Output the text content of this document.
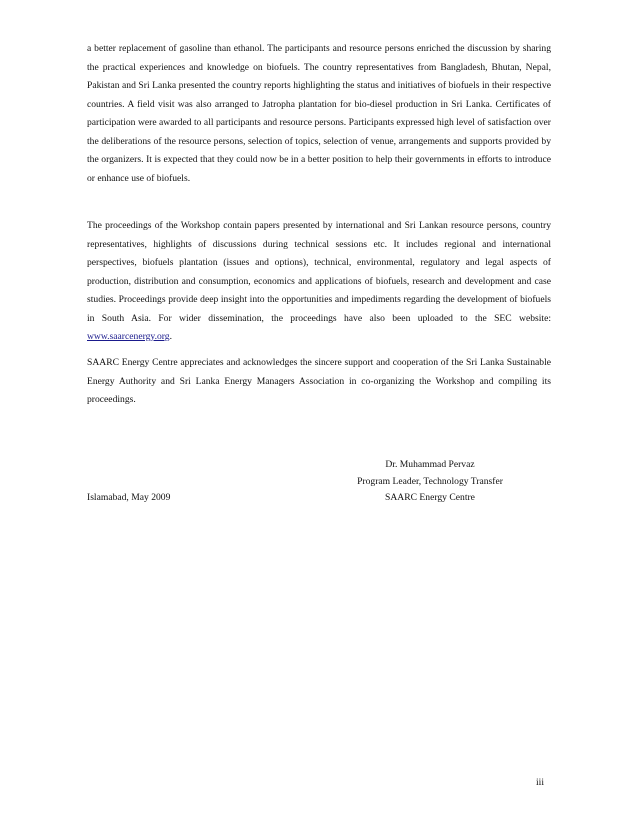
a better replacement of gasoline than ethanol. The participants and resource persons enriched the discussion by sharing the practical experiences and knowledge on biofuels. The country representatives from Bangladesh, Bhutan, Nepal, Pakistan and Sri Lanka presented the country reports highlighting the status and initiatives of biofuels in their respective countries. A field visit was also arranged to Jatropha plantation for bio-diesel production in Sri Lanka. Certificates of participation were awarded to all participants and resource persons. Participants expressed high level of satisfaction over the deliberations of the resource persons, selection of topics, selection of venue, arrangements and supports provided by the organizers. It is expected that they could now be in a better position to help their governments in efforts to introduce or enhance use of biofuels.

The proceedings of the Workshop contain papers presented by international and Sri Lankan resource persons, country representatives, highlights of discussions during technical sessions etc. It includes regional and international perspectives, biofuels plantation (issues and options), technical, environmental, regulatory and legal aspects of production, distribution and consumption, economics and applications of biofuels, research and development and case studies. Proceedings provide deep insight into the opportunities and impediments regarding the development of biofuels in South Asia. For wider dissemination, the proceedings have also been uploaded to the SEC website: www.saarcenergy.org.

SAARC Energy Centre appreciates and acknowledges the sincere support and cooperation of the Sri Lanka Sustainable Energy Authority and Sri Lanka Energy Managers Association in co-organizing the Workshop and compiling its proceedings.

Dr. Muhammad Pervaz
Program Leader, Technology Transfer
SAARC Energy Centre
Islamabad, May 2009
iii
